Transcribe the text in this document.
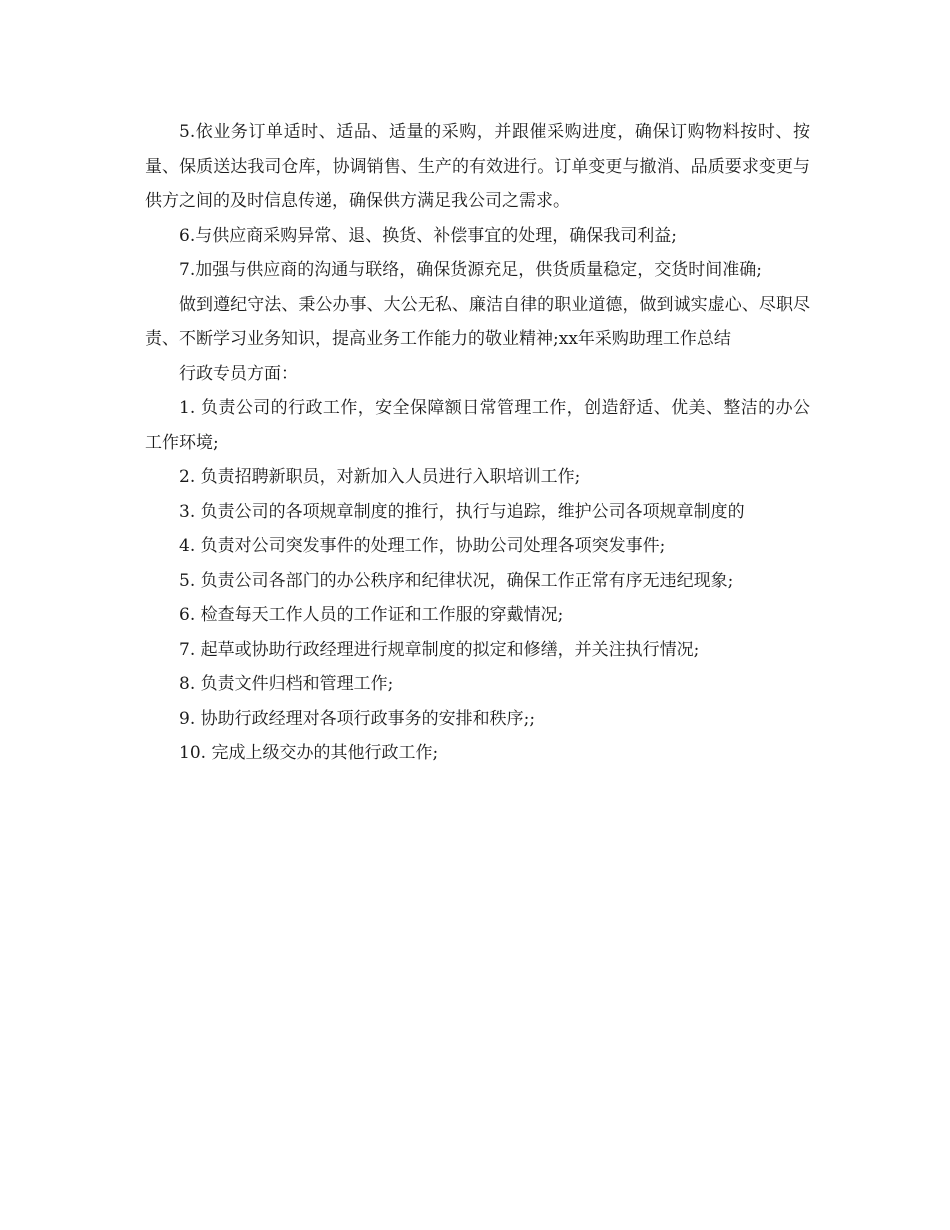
5.依业务订单适时、适品、适量的采购，并跟催采购进度，确保订购物料按时、按量、保质送达我司仓库，协调销售、生产的有效进行。订单变更与撤消、品质要求变更与供方之间的及时信息传递，确保供方满足我公司之需求。

6.与供应商采购异常、退、换货、补偿事宜的处理，确保我司利益;

7.加强与供应商的沟通与联络，确保货源充足，供货质量稳定，交货时间准确;

做到遵纪守法、秉公办事、大公无私、廉洁自律的职业道德，做到诚实虚心、尽职尽责、不断学习业务知识，提高业务工作能力的敬业精神;xx年采购助理工作总结

行政专员方面：

1. 负责公司的行政工作，安全保障额日常管理工作，创造舒适、优美、整洁的办公工作环境;

2. 负责招聘新职员，对新加入人员进行入职培训工作;

3. 负责公司的各项规章制度的推行，执行与追踪，维护公司各项规章制度的

4. 负责对公司突发事件的处理工作，协助公司处理各项突发事件;

5. 负责公司各部门的办公秩序和纪律状况，确保工作正常有序无违纪现象;

6. 检查每天工作人员的工作证和工作服的穿戴情况;

7. 起草或协助行政经理进行规章制度的拟定和修缮，并关注执行情况;

8. 负责文件归档和管理工作;

9. 协助行政经理对各项行政事务的安排和秩序;;

10. 完成上级交办的其他行政工作;
